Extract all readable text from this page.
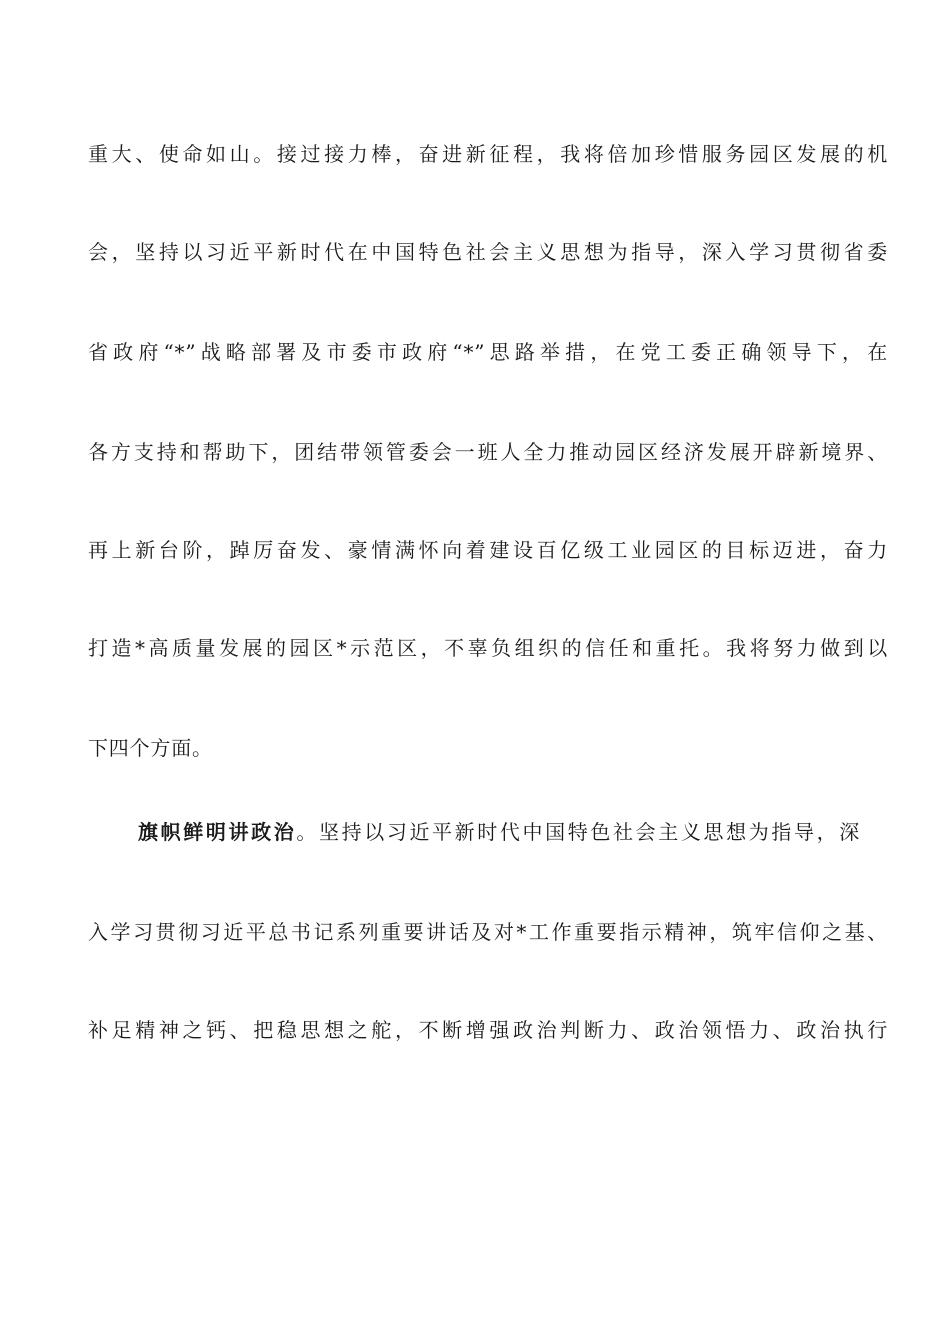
重大、使命如山。接过接力棒，奋进新征程，我将倍加珍惜服务园区发展的机
会，坚持以习近平新时代在中国特色社会主义思想为指导，深入学习贯彻省委
省政府“*”战略部署及市委市政府“*”思路举措，在党工委正确领导下，在
各方支持和帮助下，团结带领管委会一班人全力推动园区经济发展开辟新境界、
再上新台阶，踔厉奋发、豪情满怀向着建设百亿级工业园区的目标迈进，奋力
打造*高质量发展的园区*示范区，不辜负组织的信任和重托。我将努力做到以
下四个方面。
旗帜鲜明讲政治。坚持以习近平新时代中国特色社会主义思想为指导，深
入学习贯彻习近平总书记系列重要讲话及对*工作重要指示精神，筑牢信仰之基、
补足精神之钙、把稳思想之舵，不断增强政治判断力、政治领悟力、政治执行
